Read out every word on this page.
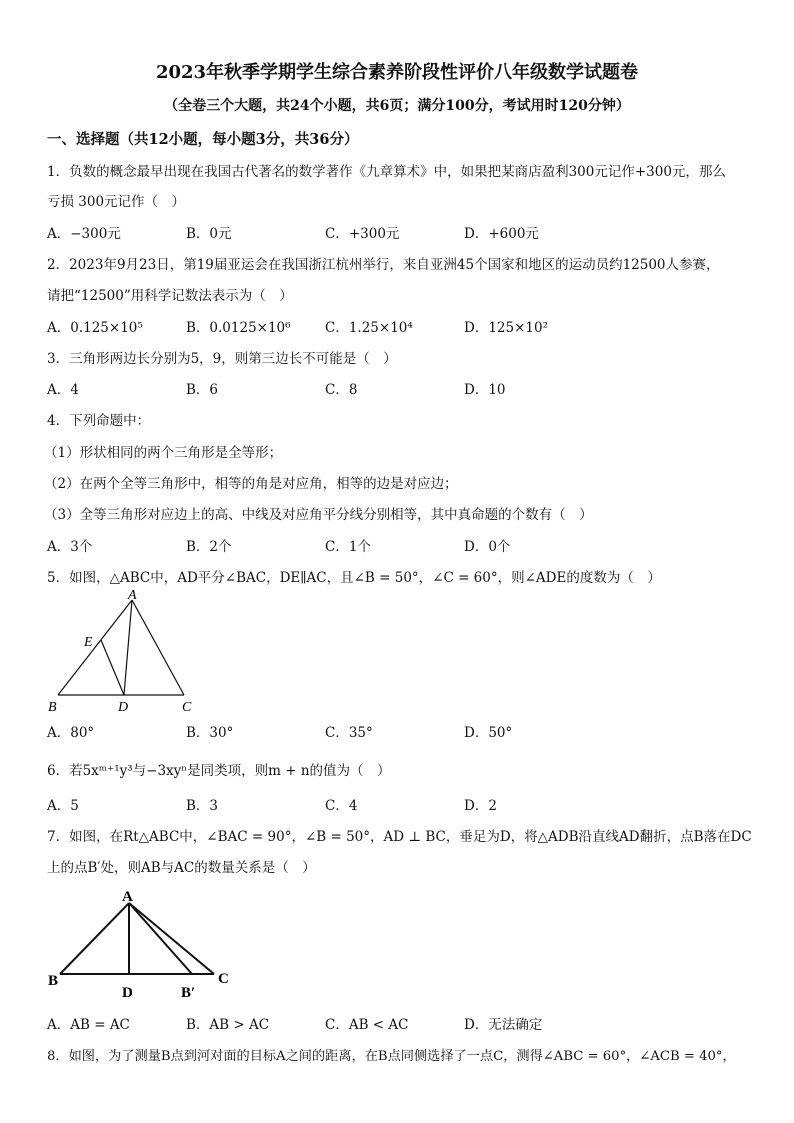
2023年秋季学期学生综合素养阶段性评价八年级数学试题卷
（全卷三个大题，共24个小题，共6页；满分100分，考试用时120分钟）
一、选择题（共12小题，每小题3分，共36分）
1．负数的概念最早出现在我国古代著名的数学著作《九章算术》中，如果把某商店盈利300元记作+300元，那么
亏损 300元记作（　）
A．−300元	B．0元	C．+300元	D．+600元
2．2023年9月23日，第19届亚运会在我国浙江杭州举行，来自亚洲45个国家和地区的运动员约12500人参赛，
请把“12500”用科学记数法表示为（　）
A．0.125×10⁵	B．0.0125×10⁶	C．1.25×10⁴	D．125×10²
3．三角形两边长分别为5，9，则第三边长不可能是（　）
A．4	B．6	C．8	D．10
4．下列命题中：
（1）形状相同的两个三角形是全等形；
（2）在两个全等三角形中，相等的角是对应角，相等的边是对应边；
（3）全等三角形对应边上的高、中线及对应角平分线分别相等，其中真命题的个数有（　）
A．3个	B．2个	C．1个	D．0个
5．如图，△ABC中，AD平分∠BAC，DE∥AC，且∠B = 50°，∠C = 60°，则∠ADE的度数为（　）
A
E
B	D	C
A．80°	B．30°	C．35°	D．50°
6．若5xᵐ⁺¹y³与−3xyⁿ是同类项，则m + n的值为（　）
A．5	B．3	C．4	D．2
7．如图，在Rt△ABC中，∠BAC = 90°，∠B = 50°，AD ⊥ BC，垂足为D，将△ADB沿直线AD翻折，点B落在DC
上的点B′处，则AB与AC的数量关系是（　）
A
B
D	B′
C
A．AB = AC	B．AB > AC	C．AB < AC	D．无法确定
8．如图，为了测量B点到河对面的目标A之间的距离，在B点同侧选择了一点C，测得∠ABC = 60°，∠ACB = 40°，
